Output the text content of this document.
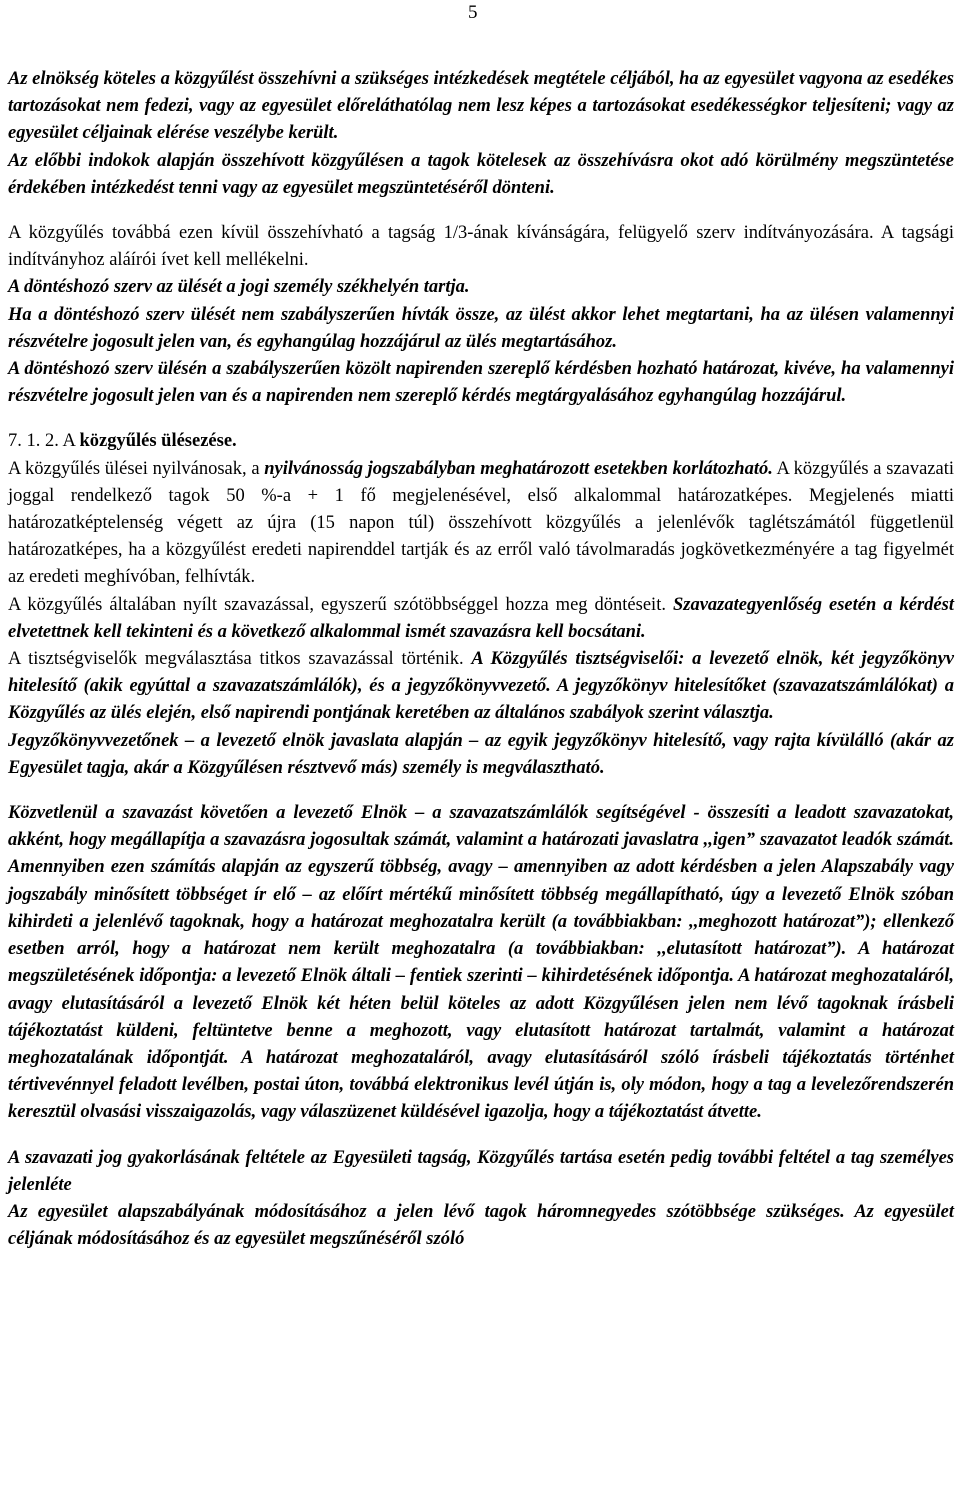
5

Az elnökség köteles a közgyűlést összehívni a szükséges intézkedések megtétele céljából, ha az egyesület vagyona az esedékes tartozásokat nem fedezi, vagy az egyesület előreláthatólag nem lesz képes a tartozásokat esedékességkor teljesíteni; vagy az egyesület céljainak elérése veszélybe került.

Az előbbi indokok alapján összehívott közgyűlésen a tagok kötelesek az összehívásra okot adó körülmény megszüntetése érdekében intézkedést tenni vagy az egyesület megszüntetéséről dönteni.

A közgyűlés továbbá ezen kívül összehívható a tagság 1/3-ának kívánságára, felügyelő szerv indítványozására. A tagsági indítványhoz aláírói ívet kell mellékelni.

A döntéshozó szerv az ülését a jogi személy székhelyén tartja.

Ha a döntéshozó szerv ülését nem szabályszerűen hívták össze, az ülést akkor lehet megtartani, ha az ülésen valamennyi részvételre jogosult jelen van, és egyhangúlag hozzájárul az ülés megtartásához.

A döntéshozó szerv ülésén a szabályszerűen közölt napirenden szereplő kérdésben hozható határozat, kivéve, ha valamennyi részvételre jogosult jelen van és a napirenden nem szereplő kérdés megtárgyalásához egyhangúlag hozzájárul.

7. 1. 2. A közgyűlés ülésezése.

A közgyűlés ülései nyilvánosak, a nyilvánosság jogszabályban meghatározott esetekben korlátozható. A közgyűlés a szavazati joggal rendelkező tagok 50 %-a + 1 fő megjelenésével, első alkalommal határozatképes. Megjelenés miatti határozatképtelenség végett az újra (15 napon túl) összehívott közgyűlés a jelenlévők taglétszámától függetlenül határozatképes, ha a közgyűlést eredeti napirenddel tartják és az erről való távolmaradás jogkövetkezményére a tag figyelmét az eredeti meghívóban, felhívták.

A közgyűlés általában nyílt szavazással, egyszerű szótöbbséggel hozza meg döntéseit. Szavazategyenlőség esetén a kérdést elvetettnek kell tekinteni és a következő alkalommal ismét szavazásra kell bocsátani.

A tisztségviselők megválasztása titkos szavazással történik. A Közgyűlés tisztségviselői: a levezető elnök, két jegyzőkönyv hitelesítő (akik egyúttal a szavazatszámlálók), és a jegyzőkönyvvezető. A jegyzőkönyv hitelesítőket (szavazatszámlálókat) a Közgyűlés az ülés elején, első napirendi pontjának keretében az általános szabályok szerint választja.

Jegyzőkönyvvezetőnek – a levezető elnök javaslata alapján – az egyik jegyzőkönyv hitelesítő, vagy rajta kívülálló (akár az Egyesület tagja, akár a Közgyűlésen résztvevő más) személy is megválasztható.

Közvetlenül a szavazást követően a levezető Elnök – a szavazatszámlálók segítségével - összesíti a leadott szavazatokat, akként, hogy megállapítja a szavazásra jogosultak számát, valamint a határozati javaslatra ,,igen” szavazatot leadók számát. Amennyiben ezen számítás alapján az egyszerű többség, avagy – amennyiben az adott kérdésben a jelen Alapszabály vagy jogszabály minősített többséget ír elő – az előírt mértékű minősített többség megállapítható, úgy a levezető Elnök szóban kihirdeti a jelenlévő tagoknak, hogy a határozat meghozatalra került (a továbbiakban: ,,meghozott határozat”); ellenkező esetben arról, hogy a határozat nem került meghozatalra (a továbbiakban: ,,elutasított határozat”). A határozat megszületésének időpontja: a levezető Elnök általi – fentiek szerinti – kihirdetésének időpontja. A határozat meghozataláról, avagy elutasításáról a levezető Elnök két héten belül köteles az adott Közgyűlésen jelen nem lévő tagoknak írásbeli tájékoztatást küldeni, feltüntetve benne a meghozott, vagy elutasított határozat tartalmát, valamint a határozat meghozatalának időpontját. A határozat meghozataláról, avagy elutasításáról szóló írásbeli tájékoztatás történhet tértivevénnyel feladott levélben, postai úton, továbbá elektronikus levél útján is, oly módon, hogy a tag a levelezőrendszerén keresztül olvasási visszaigazolás, vagy válaszüzenet küldésével igazolja, hogy a tájékoztatást átvette.

A szavazati jog gyakorlásának feltétele az Egyesületi tagság, Közgyűlés tartása esetén pedig további feltétel a tag személyes jelenléte

Az egyesület alapszabályának módosításához a jelen lévő tagok háromnegyedes szótöbbsége szükséges. Az egyesület céljának módosításához és az egyesület megszűnéséről szóló
